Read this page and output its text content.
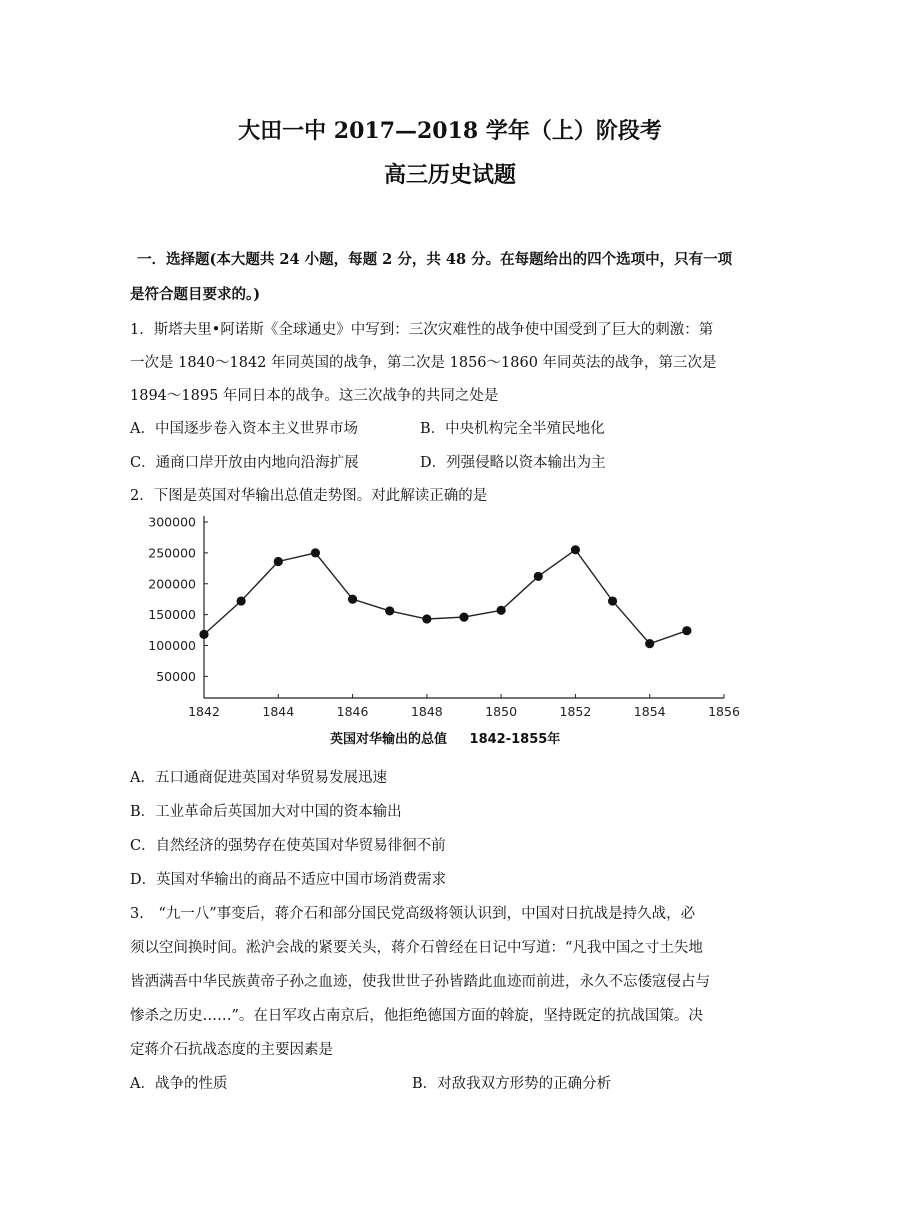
大田一中 2017—2018 学年（上）阶段考
高三历史试题
一．选择题(本大题共 24 小题，每题 2 分，共 48 分。在每题给出的四个选项中，只有一项
是符合题目要求的。)
1．斯塔夫里•阿诺斯《全球通史》中写到：三次灾难性的战争使中国受到了巨大的刺激：第
一次是 1840～1842 年同英国的战争，第二次是 1856～1860 年同英法的战争，第三次是
1894～1895 年同日本的战争。这三次战争的共同之处是
A．中国逐步卷入资本主义世界市场	B．中央机构完全半殖民地化
C．通商口岸开放由内地向沿海扩展	D．列强侵略以资本输出为主
2．下图是英国对华输出总值走势图。对此解读正确的是
300000
250000
200000
150000
100000
50000
1842	1844	1846	1848	1850	1852	1854	1856
英国对华输出的总值 1842-1855年
A．五口通商促进英国对华贸易发展迅速
B．工业革命后英国加大对中国的资本输出
C．自然经济的强势存在使英国对华贸易徘徊不前
D．英国对华输出的商品不适应中国市场消费需求
3． “九一八”事变后，蒋介石和部分国民党高级将领认识到，中国对日抗战是持久战，必
须以空间换时间。淞沪会战的紧要关头，蒋介石曾经在日记中写道：“凡我中国之寸土失地
皆洒满吾中华民族黄帝子孙之血迹，使我世世子孙皆踏此血迹而前进，永久不忘倭寇侵占与
惨杀之历史……”。在日军攻占南京后，他拒绝德国方面的斡旋，坚持既定的抗战国策。决
定蒋介石抗战态度的主要因素是
A．战争的性质	B．对敌我双方形势的正确分析
